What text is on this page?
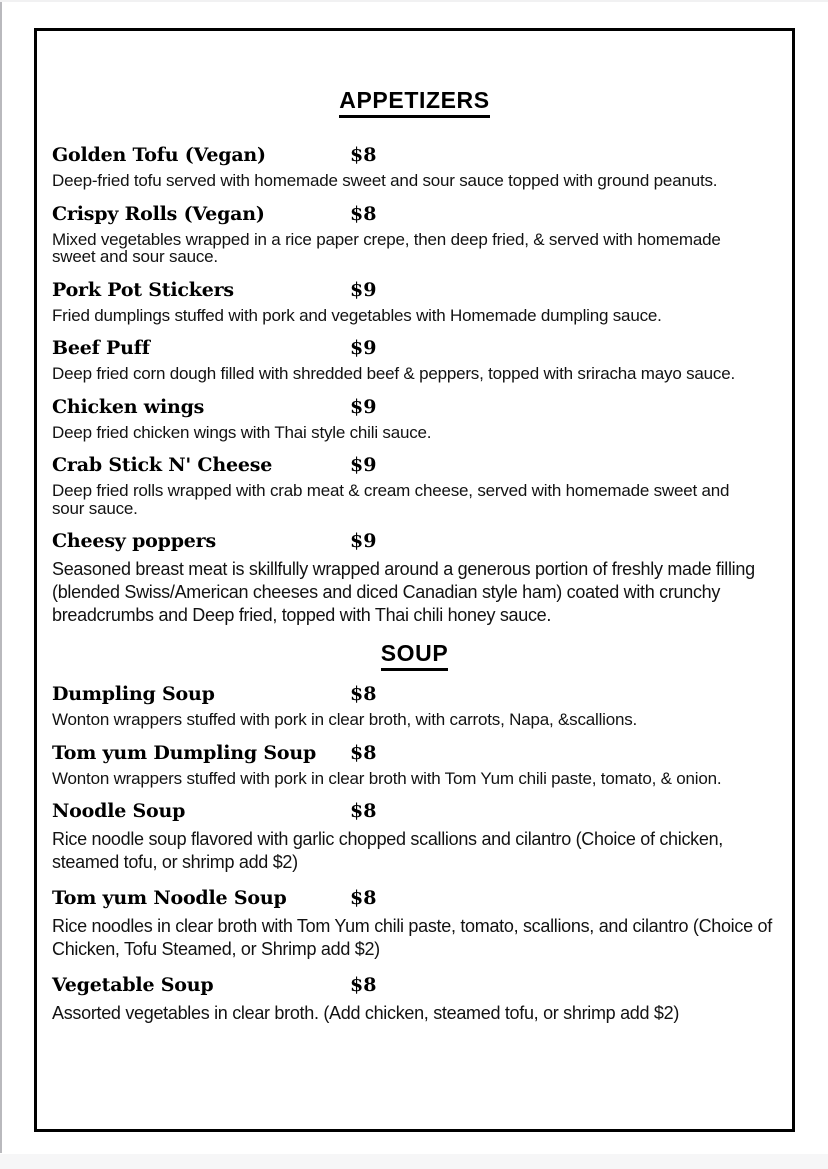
APPETIZERS
Golden Tofu (Vegan)	$8
Deep-fried tofu served with homemade sweet and sour sauce topped with ground peanuts.
Crispy Rolls (Vegan)	$8
Mixed vegetables wrapped in a rice paper crepe, then deep fried, & served with homemade sweet and sour sauce.
Pork Pot Stickers	$9
Fried dumplings stuffed with pork and vegetables with Homemade dumpling sauce.
Beef Puff	$9
Deep fried corn dough filled with shredded beef & peppers, topped with sriracha mayo sauce.
Chicken wings	$9
Deep fried chicken wings with Thai style chili sauce.
Crab Stick N' Cheese	$9
Deep fried rolls wrapped with crab meat & cream cheese, served with homemade sweet and sour sauce.
Cheesy poppers	$9
Seasoned breast meat is skillfully wrapped around a generous portion of freshly made filling (blended Swiss/American cheeses and diced Canadian style ham) coated with crunchy breadcrumbs and Deep fried, topped with Thai chili honey sauce.
SOUP
Dumpling Soup	$8
Wonton wrappers stuffed with pork in clear broth, with carrots, Napa, &scallions.
Tom yum Dumpling Soup $8
Wonton wrappers stuffed with pork in clear broth with Tom Yum chili paste, tomato, & onion.
Noodle Soup	$8
Rice noodle soup flavored with garlic chopped scallions and cilantro (Choice of chicken, steamed tofu, or shrimp add $2)
Tom yum Noodle Soup	$8
Rice noodles in clear broth with Tom Yum chili paste, tomato, scallions, and cilantro (Choice of Chicken, Tofu Steamed, or Shrimp add $2)
Vegetable Soup	$8
Assorted vegetables in clear broth. (Add chicken, steamed tofu, or shrimp add $2)
